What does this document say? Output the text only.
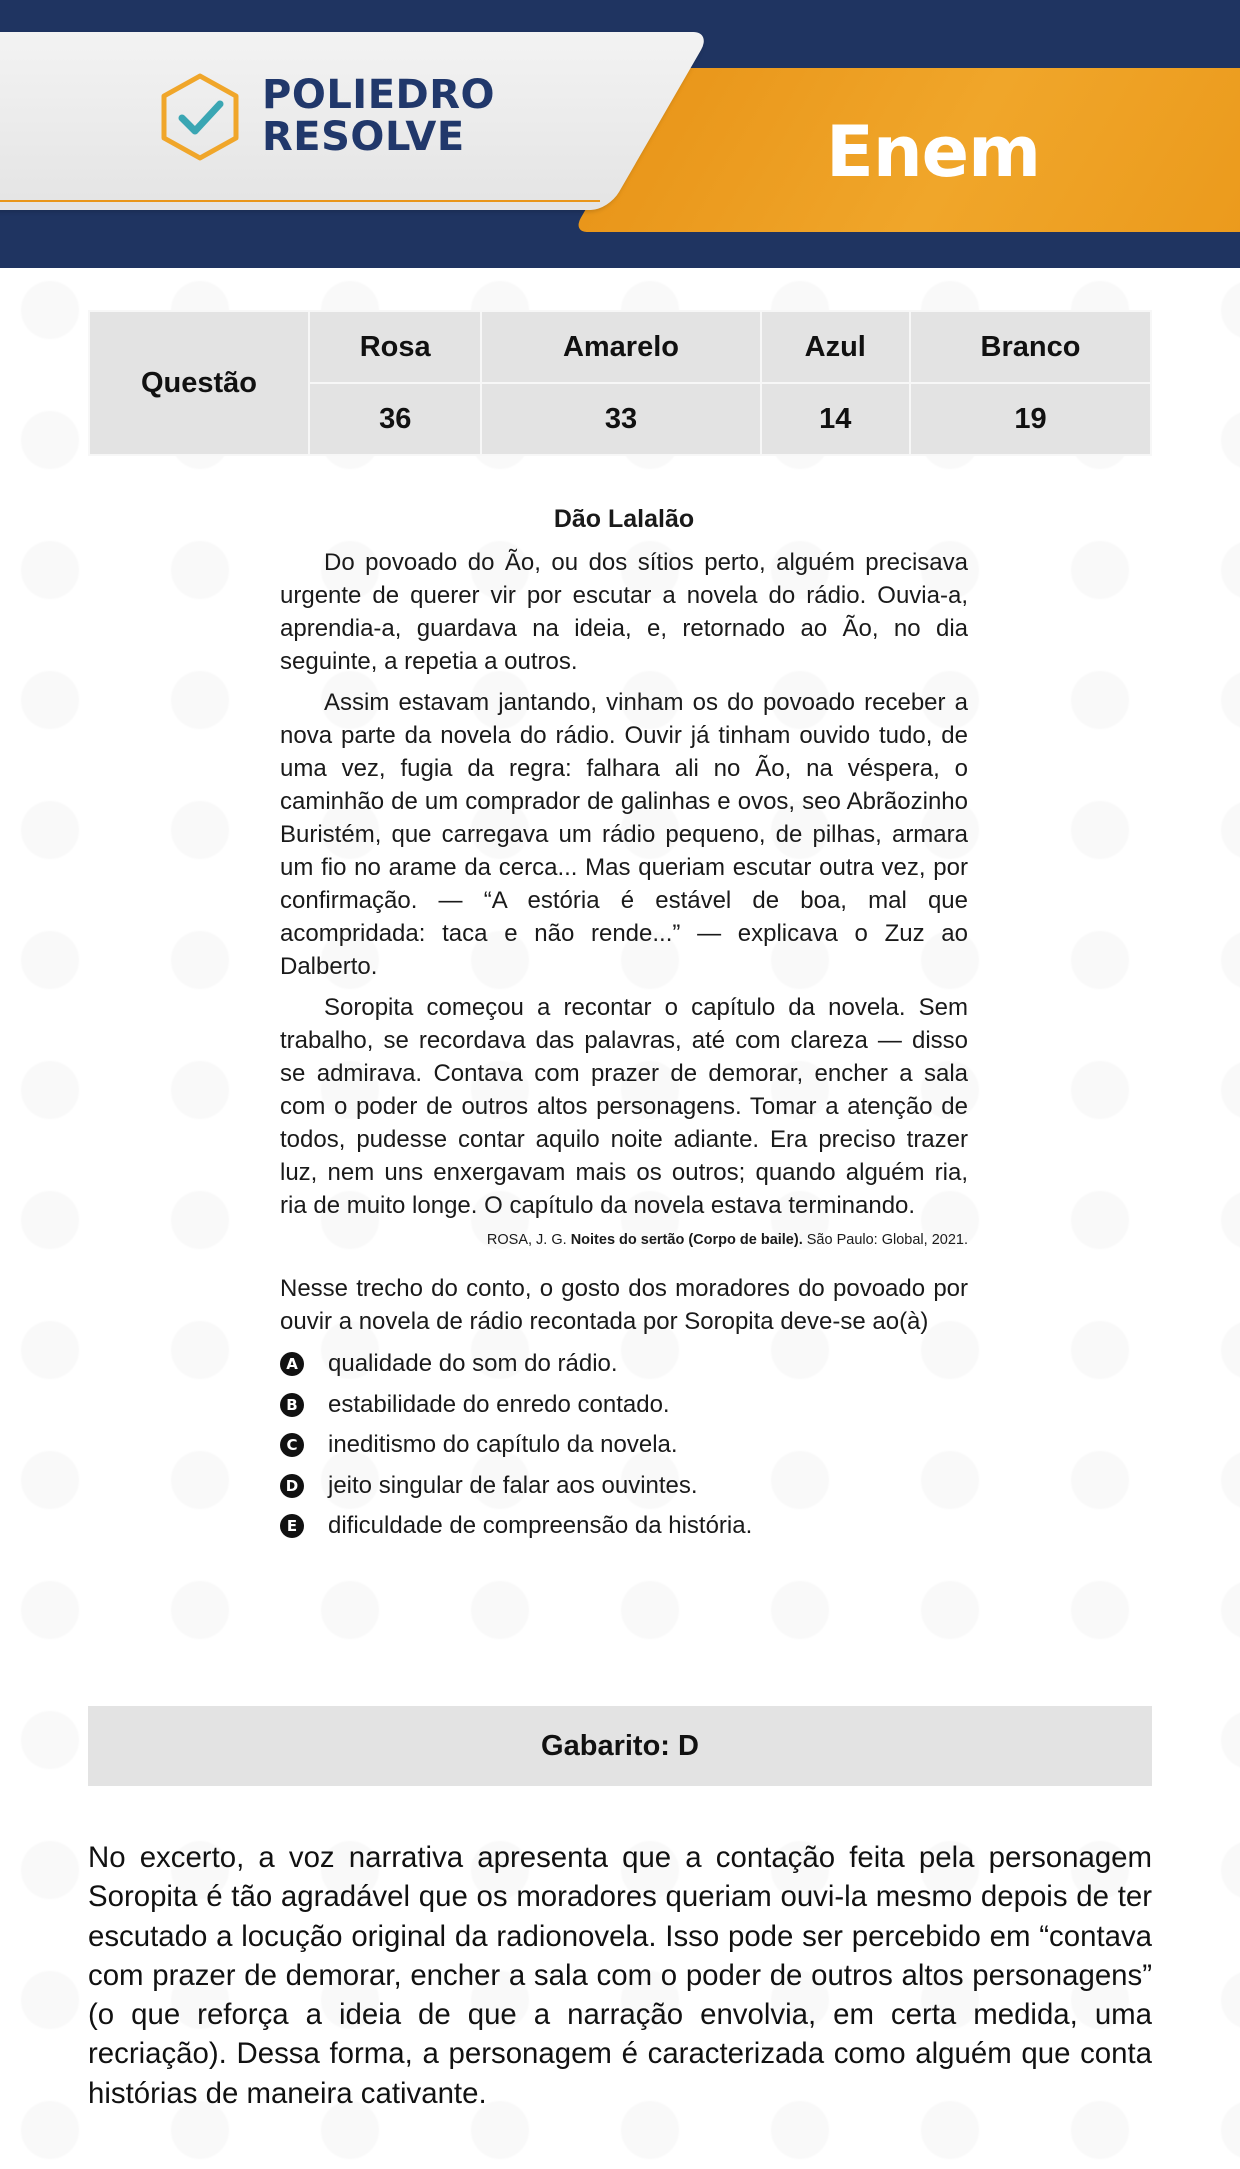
POLIEDRO
RESOLVE	Enem
Questão	Rosa	Amarelo	Azul	Branco
	36	33	14	19
Dão Lalalão

Do povoado do Ão, ou dos sítios perto, alguém precisava urgente de querer vir por escutar a novela do rádio. Ouvia-a, aprendia-a, guardava na ideia, e, retornado ao Ão, no dia seguinte, a repetia a outros.

Assim estavam jantando, vinham os do povoado receber a nova parte da novela do rádio. Ouvir já tinham ouvido tudo, de uma vez, fugia da regra: falhara ali no Ão, na véspera, o caminhão de um comprador de galinhas e ovos, seo Abrãozinho Buristém, que carregava um rádio pequeno, de pilhas, armara um fio no arame da cerca... Mas queriam escutar outra vez, por confirmação. — “A estória é estável de boa, mal que acompridada: taca e não rende...” — explicava o Zuz ao Dalberto.

Soropita começou a recontar o capítulo da novela. Sem trabalho, se recordava das palavras, até com clareza — disso se admirava. Contava com prazer de demorar, encher a sala com o poder de outros altos personagens. Tomar a atenção de todos, pudesse contar aquilo noite adiante. Era preciso trazer luz, nem uns enxergavam mais os outros; quando alguém ria, ria de muito longe. O capítulo da novela estava terminando.

ROSA, J. G. Noites do sertão (Corpo de baile). São Paulo: Global, 2021.

Nesse trecho do conto, o gosto dos moradores do povoado por ouvir a novela de rádio recontada por Soropita deve-se ao(à)

A qualidade do som do rádio.
B estabilidade do enredo contado.
C ineditismo do capítulo da novela.
D jeito singular de falar aos ouvintes.
E dificuldade de compreensão da história.
Gabarito: D

No excerto, a voz narrativa apresenta que a contação feita pela personagem Soropita é tão agradável que os moradores queriam ouvi-la mesmo depois de ter escutado a locução original da radionovela. Isso pode ser percebido em “contava com prazer de demorar, encher a sala com o poder de outros altos personagens” (o que reforça a ideia de que a narração envolvia, em certa medida, uma recriação). Dessa forma, a personagem é caracterizada como alguém que conta histórias de maneira cativante.
